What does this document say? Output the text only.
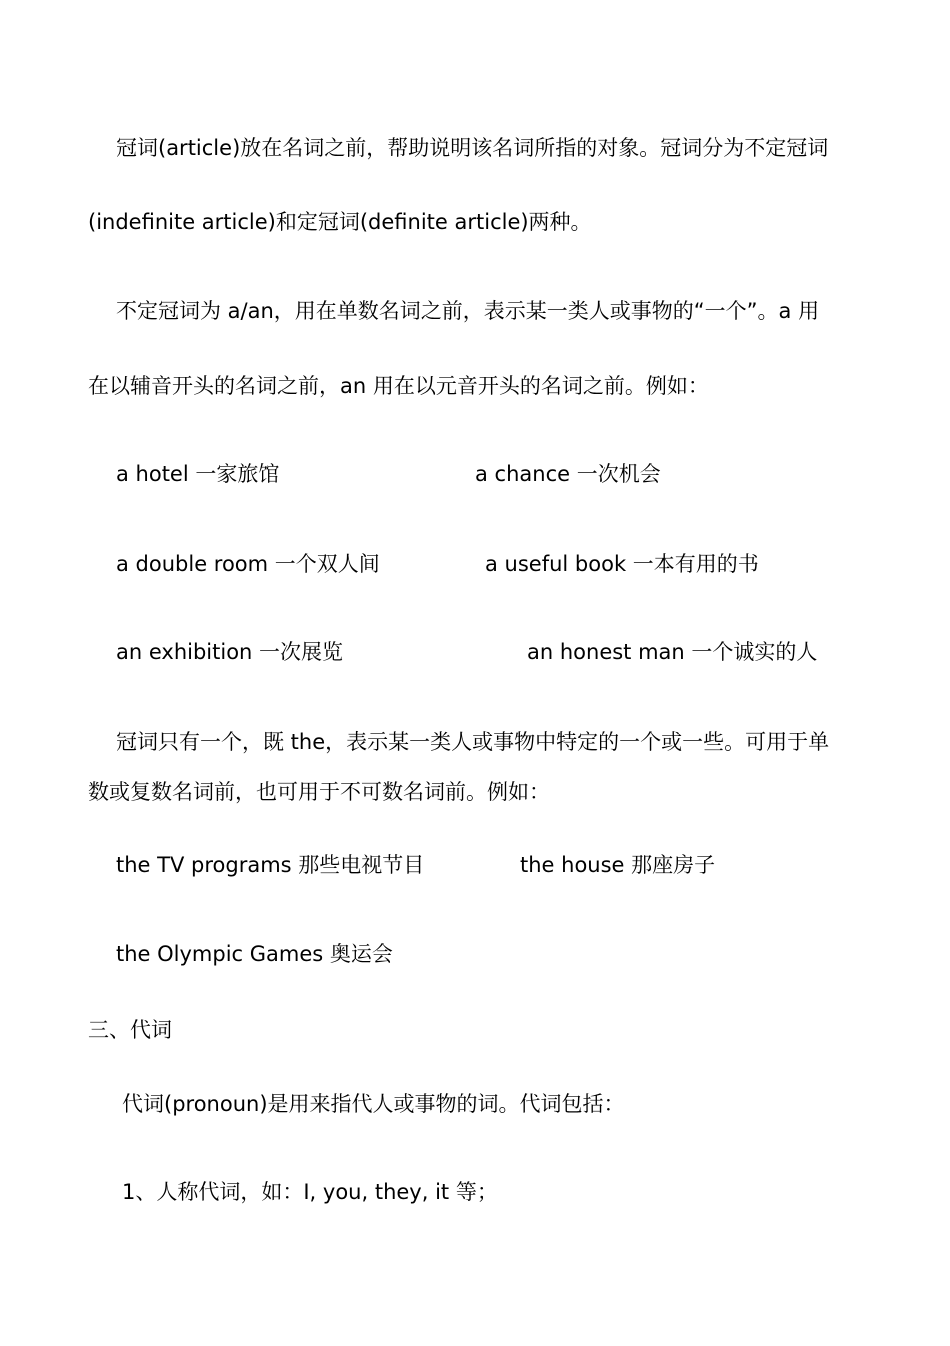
冠词(article)放在名词之前，帮助说明该名词所指的对象。冠词分为不定冠词
(indefinite article)和定冠词(definite article)两种。
不定冠词为 a/an，用在单数名词之前，表示某一类人或事物的“一个”。a 用
在以辅音开头的名词之前，an 用在以元音开头的名词之前。例如：
a hotel 一家旅馆	a chance 一次机会
a double room 一个双人间	a useful book 一本有用的书
an exhibition 一次展览	an honest man 一个诚实的人
冠词只有一个，既 the，表示某一类人或事物中特定的一个或一些。可用于单
数或复数名词前，也可用于不可数名词前。例如：
the TV programs 那些电视节目	the house 那座房子
the Olympic Games 奥运会
三、代词
代词(pronoun)是用来指代人或事物的词。代词包括：
1、人称代词，如：I, you, they, it 等；
